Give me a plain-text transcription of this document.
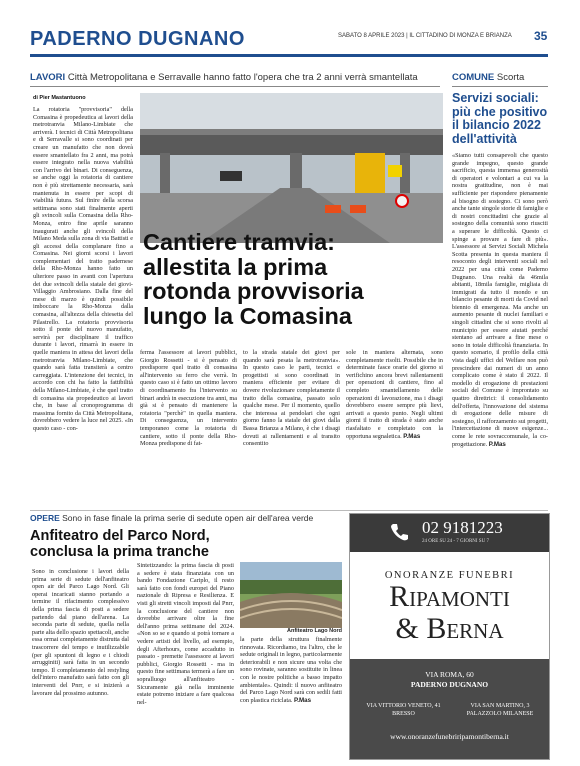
PADERNO DUGNANO	SABATO 8 APRILE 2023 | IL CITTADINO DI MONZA E BRIANZA 35
LAVORI Città Metropolitana e Serravalle hanno fatto l'opera che tra 2 anni verrà smantellata
di Pier Mastantuono
La rotatoria "provvisoria" della Comasina è propedeutica ai lavori della metrotranvia Milano-Limbiate che arriverà. I tecnici di Città Metropolitana e di Serravalle si sono coordinati per creare un manufatto che non dovrà essere smantellato fra 2 anni, ma potrà essere integrato nella nuova viabilità con l'arrivo dei binari. Di conseguenza, se anche oggi la rotatoria di cantiere non è più strettamente necessaria, sarà mantenuta in essere per scopi di viabilità futura. Sul finire della scorsa settimana sono stati finalmente aperti gli svincoli sulla Comasina della Rho-Monza, entro fine aprile saranno inaugurati anche gli svincoli della Milano Meda sulla zona di via Battisti e gli accessi della complanare fino a Comasina. Nei giorni scorsi i lavori complementari del tratto padernese della Rho-Monza hanno fatto un ulteriore passo in avanti con l'apertura dei due svincoli della statale dei giovi-Villaggio Ambrosiano. Dalla fine del mese di marzo è quindi possibile imboccare la Rho-Monza dalla comasina, all'altezza della chiesetta del Pilastrello. La rotatoria provvisoria sotto il ponte del nuovo manufatto, servirà per disciplinare il traffico durante i lavori, rimarrà in essere in quelle maniera in attesa dei lavori della metrotranvia Milano-Limbiate, che quando sarà fatta transiterà a centro carreggiata. L'intenzione dei tecnici, in accordo con chi ha fatto la fattibilità della Milano-Limbiate, è che quel tratto di comasina sia propedeutico ai lavori che, in base al cronoprogramma di massima fornito da Città Metropolitana, dovrebbero vedere la luce nel 2025. «In questo caso - con-
Cantiere tramvia:
allestita la prima
rotonda provvisoria
lungo la Comasina
ferma l'assessore ai lavori pubblici, Giorgio Rossetti - si è pensato di predisporre quel tratto di comasina all'intervento su ferro che verrà. In questo caso si è fatto un ottimo lavoro di coordinamento fra l'intervento su binari andrà in esecuzione tra anni, ma già si è pensato di mantenere la rotatoria "perchè" in quella maniera. Di conseguenza, un intervento temporaneo come la rotatoria di cantiere, sotto il ponte della Rho-Monza predispone di fat-
to la strada statale dei giovi per quando sarà pesata la metrotranvia». In questo caso le parti, tecnici e progettisti si sono coordinati in maniera efficiente per evitare di dovere rivoluzionare completamente il tratto della comasina, passato solo qualche mese. Per il momento, quello che interessa ai pendolari che ogni giorno fanno la statale dei giovi dalla Bassa Brianza a Milano, è che i disagi dovuti ai rallentamenti e al transito consentito
sole in maniera alternata, sono completamente risolti. Possibile che in determinate fasce orarie del giorno si verifichino ancora brevi rallentamenti per operazioni di cantiere, fino al completo smantellamento delle operazioni di lavorazione, ma i disagi dovrebbero essere sempre più lievi, arrivati a questo punto. Negli ultimi giorni il tratto di strada è stato anche riasfaltato e completato con la opportuna segnaletica. P.Mas
COMUNE Scorta
Servizi sociali:
più che positivo
il bilancio 2022
dell'attività
«Siamo tutti consapevoli che questo grande impegno, questo grande sacrificio, questa immensa generosità di operatori e volontari a cui va la nostra gratitudine, non è mai sufficiente per rispondere pienamente al bisogno di sostegno. Ci sono però anche tante singole storie di famiglie e di nostri concittadini che grazie al sostegno della comunità sono riusciti a superare le difficoltà. Questo ci spinge a provare a fare di più». L'assessore ai Servizi Sociali Michela Scotta presenta in questa maniera il resoconto degli interventi sociali nel 2022 per una città come Paderno Dugnano. Una realtà da 46mila abitanti, 18mila famiglie, migliaia di immigrati da tutto il mondo e un bilancio pesante di morti da Covid nel biennio di emergenza. Ma anche un aumento pesante di nuclei familiari e singoli cittadini che si sono rivolti al municipio per essere aiutati perché stentano ad arrivare a fine mese o sono in totale difficoltà finanziaria. In questo scenario, il profilo della città vista dagli uffici del Welfare non può prescindere dai numeri di un anno complicato come è stato il 2022. Il modello di erogazione di prestazioni sociali del Comune è improntato su quattro direttrici: il consolidamento dell'offerta, l'innovazione del sistema di erogazione delle misure di sostegno, il rafforzamento sui progetti, l'intercettazione di nuove esigenze... come le rete sovraccomunale, la co-progettazione. P.Mas
OPERE Sono in fase finale la prima serie di sedute open air dell'area verde
Anfiteatro del Parco Nord,
conclusa la prima tranche
Sono in conclusione i lavori della prima serie di sedute dell'anfiteatro open air del Parco Lago Nord. Gli operai incaricati stanno portando a termine il rifacimento complessivo della prima fascia di posti a sedere partendo dal piano dell'arena. La seconda parte di sedute, quella nella parte alta dello spazio spettacoli, anche essa ormai completamente distrutta dal trascorrere del tempo e inutilizzabile (per gli spuntoni di legno e i chiodi arrugginiti) sarà fatta in un secondo tempo. Il completamento del restyling dell'intero manufatto sarà fatto con gli interventi del Pnrr, e si inizierà a lavorare dal prossimo autunno.
Sintetizzando: la prima fascia di posti a sedere è stata finanziata con un bando Fondazione Cariplo, il resto sarà fatto con fondi europei del Piano nazionale di Ripresa e Resilienza. E visti gli stretti vincoli imposti dal Pnrr, la conclusione del cantiere non dovrebbe arrivare oltre la fine dell'anno prima settimane del 2024. «Non so se e quando si potrà tornare a vedere artisti del livello, ad esempio, degli Afterhours, come accadutto in passato - premette l'assessore ai lavori pubblici, Giorgio Rossetti - ma in questo fine settimana termerà a fare un sopralluogo all'anfiteatro - Sicuramente già nella imminente estate potremo iniziare a fare qualcosa nel-
Anfiteatro Lago Nord
la parte della struttura finalmente rinnovata. Ricordiamo, tra l'altro, che le sedute originali in legno, particolarmente deteriorabili e non sicure una volta che sono rovinate, saranno sostituite in linea con le nostre politiche a basso impatto ambientale». Quindi: il nuovo anfiteatro del Parco Lago Nord sarà con sedili fatti con plastica riciclata. P.Mas
02 9181223
24 ORE SU 24 - 7 GIORNI SU 7
ONORANZE FUNEBRI
Ripamonti
& Berna
VIA ROMA, 60
PADERNO DUGNANO
VIA VITTORIO VENETO, 41
BRESSO
VIA SAN MARTINO, 3
PALAZZOLO MILANESE
www.onoranzefunebriripamontiberna.it
